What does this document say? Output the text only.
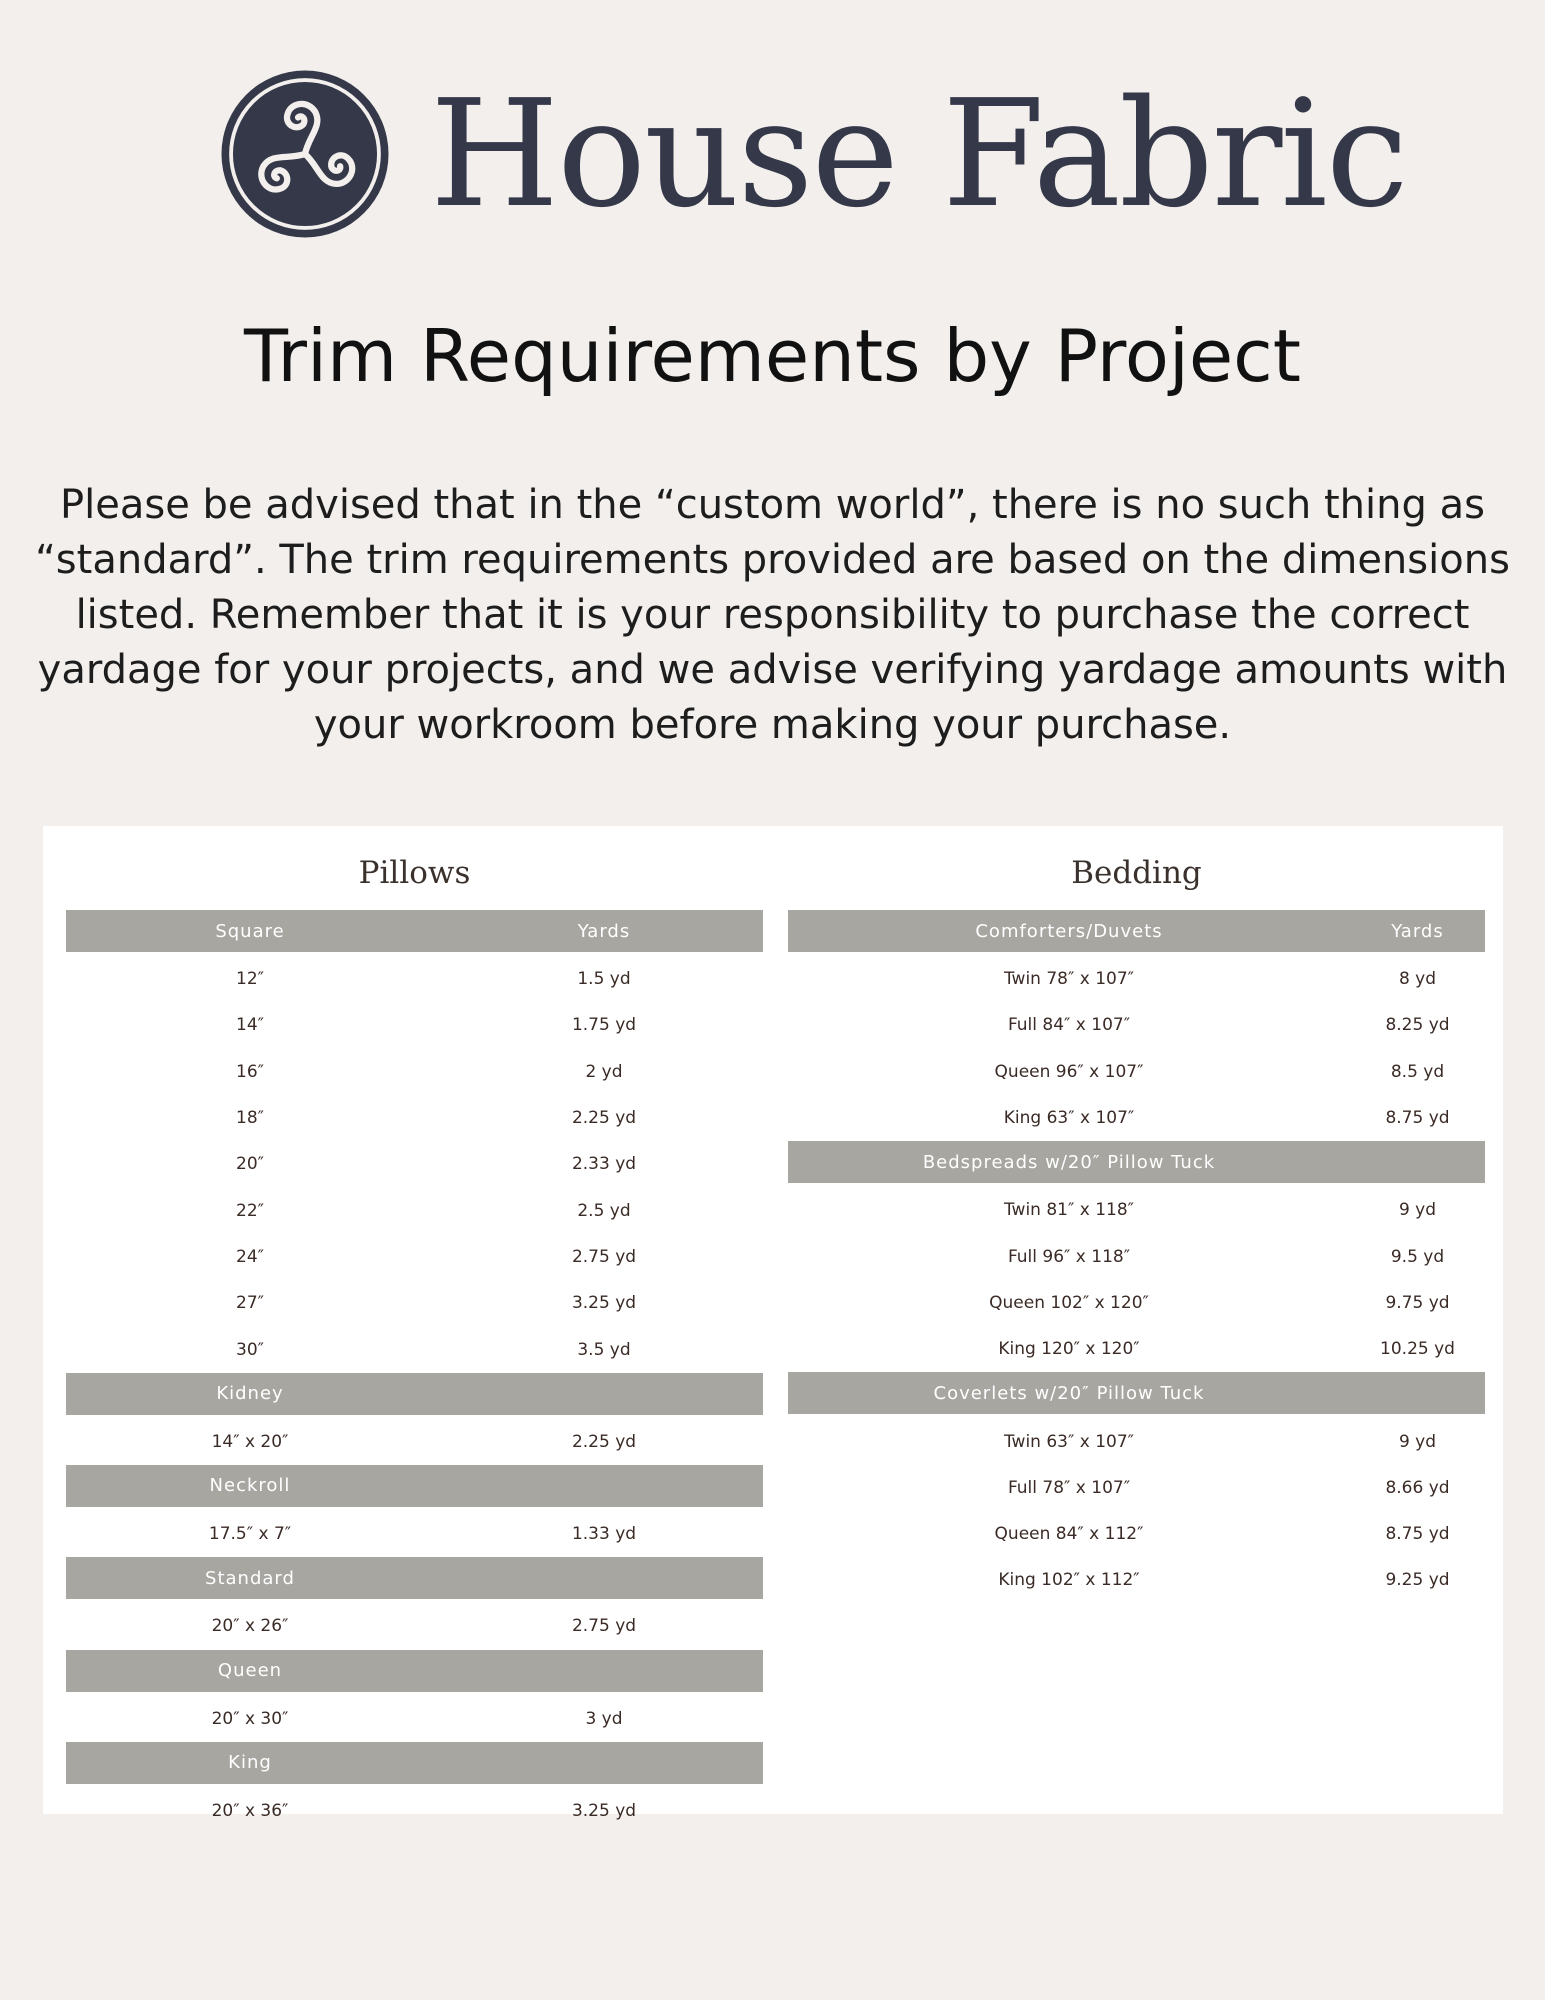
House Fabric
Trim Requirements by Project

Please be advised that in the “custom world”, there is no such thing as “standard”. The trim requirements provided are based on the dimensions listed. Remember that it is your responsibility to purchase the correct yardage for your projects, and we advise verifying yardage amounts with your workroom before making your purchase.

Pillows
Square	Yards
12″	1.5 yd
14″	1.75 yd
16″	2 yd
18″	2.25 yd
20″	2.33 yd
22″	2.5 yd
24″	2.75 yd
27″	3.25 yd
30″	3.5 yd
Kidney
14″ x 20″	2.25 yd
Neckroll
17.5″ x 7″	1.33 yd
Standard
20″ x 26″	2.75 yd
Queen
20″ x 30″	3 yd
King
20″ x 36″	3.25 yd
Bedding
Comforters/Duvets	Yards
Twin 78″ x 107″	8 yd
Full 84″ x 107″	8.25 yd
Queen 96″ x 107″	8.5 yd
King 63″ x 107″	8.75 yd
Bedspreads w/20″ Pillow Tuck
Twin 81″ x 118″	9 yd
Full 96″ x 118″	9.5 yd
Queen 102″ x 120″	9.75 yd
King 120″ x 120″	10.25 yd
Coverlets w/20″ Pillow Tuck
Twin 63″ x 107″	9 yd
Full 78″ x 107″	8.66 yd
Queen 84″ x 112″	8.75 yd
King 102″ x 112″	9.25 yd
